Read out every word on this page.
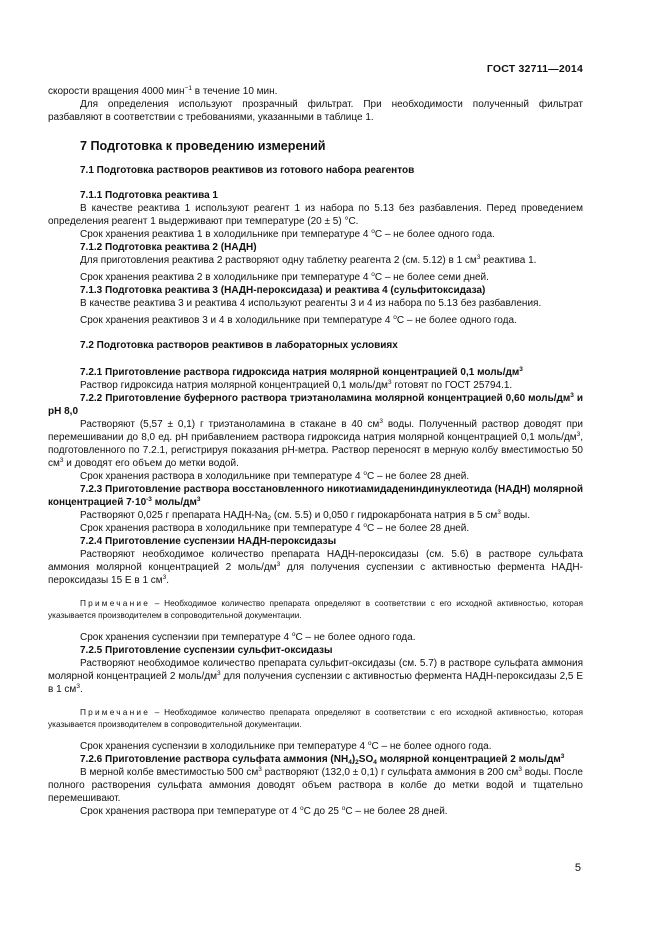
ГОСТ 32711—2014

скорости вращения 4000 мин$^{-1}$ в течение 10 мин.

Для определения используют прозрачный фильтрат. При необходимости полученный фильтрат разбавляют в соответствии с требованиями, указанными в таблице 1.

7 Подготовка к проведению измерений

7.1 Подготовка растворов реактивов из готового набора реагентов

7.1.1 Подготовка реактива 1

В качестве реактива 1 используют реагент 1 из набора по 5.13 без разбавления. Перед проведением определения реагент 1 выдерживают при температуре (20 ± 5) °С.

Срок хранения реактива 1 в холодильнике при температуре 4 $^o$С – не более одного года.

7.1.2 Подготовка реактива 2 (НАДН)

Для приготовления реактива 2 растворяют одну таблетку реагента 2 (см. 5.12) в 1 $см^3$ реактива 1.

Срок хранения реактива 2 в холодильнике при температуре 4 $^o$С – не более семи дней.

7.1.3 Подготовка реактива 3 (НАДН-пероксидаза) и реактива 4 (сульфитоксидаза)

В качестве реактива 3 и реактива 4 используют реагенты 3 и 4 из набора по 5.13 без разбавления.

Срок хранения реактивов 3 и 4 в холодильнике при температуре 4 $^o$С – не более одного года.

7.2 Подготовка растворов реактивов в лабораторных условиях

7.2.1 Приготовление раствора гидроксида натрия молярной концентрацией 0,1 моль/$дм^3$

Раствор гидроксида натрия молярной концентрацией 0,1 моль/$дм^3$ готовят по ГОСТ 25794.1.

7.2.2 Приготовление буферного раствора триэтаноламина молярной концентрацией 0,60 моль/$дм^3$ и рН 8,0

Растворяют (5,57 ± 0,1) г триэтаноламина в стакане в 40 $см^3$ воды. Полученный раствор доводят при перемешивании до 8,0 ед. рН прибавлением раствора гидроксида натрия молярной концентрацией 0,1 моль/$дм^3$, подготовленного по 7.2.1, регистрируя показания рН-метра. Раствор переносят в мерную колбу вместимостью 50 $см^3$ и доводят его объем до метки водой.

Срок хранения раствора в холодильнике при температуре 4 $^o$С – не более 28 дней.

7.2.3 Приготовление раствора восстановленного никотиамидадениндинуклеотида (НАДН) молярной концентрацией $7\cdot 10^{-3}$ моль/$дм^3$

Растворяют 0,025 г препарата НАДН-$Na_2$ (см. 5.5) и 0,050 г гидрокарбоната натрия в 5 $см^3$ воды.

Срок хранения раствора в холодильнике при температуре 4 $^o$С – не более 28 дней.

7.2.4 Приготовление суспензии НАДН-пероксидазы

Растворяют необходимое количество препарата НАДН-пероксидазы (см. 5.6) в растворе сульфата аммония молярной концентрацией 2 моль/$дм^3$ для получения суспензии с активностью фермента НАДН-пероксидазы 15 Е в 1 $см^3$.

Примечание – Необходимое количество препарата определяют в соответствии с его исходной активностью, которая указывается производителем в сопроводительной документации.

Срок хранения суспензии при температуре 4 $^o$С – не более одного года.

7.2.5 Приготовление суспензии сульфит-оксидазы

Растворяют необходимое количество препарата сульфит-оксидазы (см. 5.7) в растворе сульфата аммония молярной концентрацией 2 моль/$дм^3$ для получения суспензии с активностью фермента НАДН-пероксидазы 2,5 Е в 1 $см^3$.

Примечание – Необходимое количество препарата определяют в соответствии с его исходной активностью, которая указывается производителем в сопроводительной документации.

Срок хранения суспензии в холодильнике при температуре 4 $^o$С – не более одного года.

7.2.6 Приготовление раствора сульфата аммония $(NH_4)_2SO_4$ молярной концентрацией 2 моль/$дм^3$

В мерной колбе вместимостью 500 $см^3$ растворяют (132,0 ± 0,1) г сульфата аммония в 200 $см^3$ воды. После полного растворения сульфата аммония доводят объем раствора в колбе до метки водой и тщательно перемешивают.

Срок хранения раствора при температуре от 4 $^o$С до 25 $^o$С – не более 28 дней.

5
